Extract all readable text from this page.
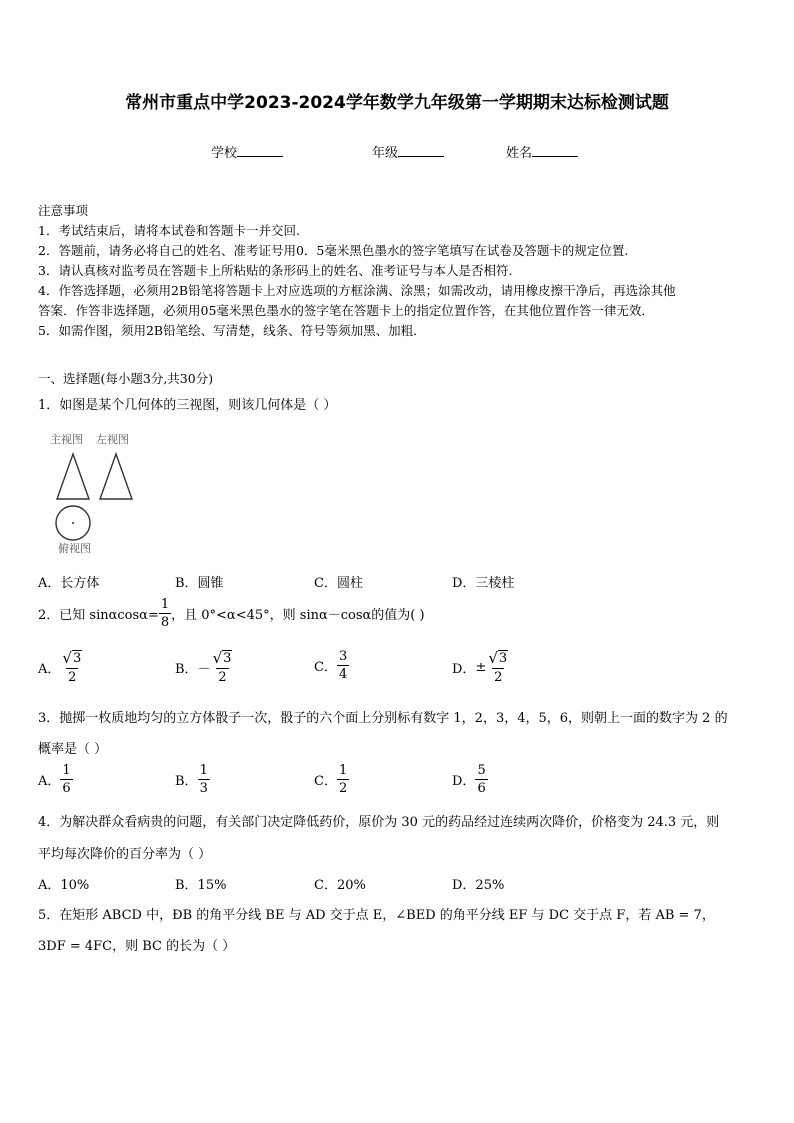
常州市重点中学2023-2024学年数学九年级第一学期期末达标检测试题
学校	年级	姓名
注意事项
1．考试结束后，请将本试卷和答题卡一并交回.
2．答题前，请务必将自己的姓名、准考证号用0．5毫米黑色墨水的签字笔填写在试卷及答题卡的规定位置.
3．请认真核对监考员在答题卡上所粘贴的条形码上的姓名、准考证号与本人是否相符.
4．作答选择题，必须用2B铅笔将答题卡上对应选项的方框涂满、涂黑；如需改动，请用橡皮擦干净后，再选涂其他
答案．作答非选择题，必须用05毫米黑色墨水的签字笔在答题卡上的指定位置作答，在其他位置作答一律无效．
5．如需作图，须用2B铅笔绘、写清楚，线条、符号等须加黑、加粗．
一、选择题(每小题3分,共30分)
1．如图是某个几何体的三视图，则该几何体是（ ）
主视图 左视图
俯视图
A．长方体	B．圆锥	C．圆柱	D．三棱柱
2．已知 $\sin\alpha\cos\alpha= \frac{1}{8}$ ，且 0°<α<45°，则 sinα－cosα的值为( )
A． $\frac{√ 3}{2}$	B． － $\frac{√ 3}{2}$	C． $\frac{3}{4}$	D． ± $\frac{√ 3}{2}$
3．抛掷一枚质地均匀的立方体骰子一次，骰子的六个面上分别标有数字 1，2，3，4，5，6，则朝上一面的数字为 2 的
概率是（ ）
A． $\frac{1}{6}$	B． $\frac{1}{3}$	C． $\frac{1}{2}$	D． $\frac{5}{6}$
4．为解决群众看病贵的问题，有关部门决定降低药价，原价为 30 元的药品经过连续两次降价，价格变为 24.3 元，则
平均每次降价的百分率为（ ）
A．10%	B．15%	C．20%	D．25%
5．在矩形 ABCD 中，ÐB 的角平分线 BE 与 AD 交于点 E，∠BED 的角平分线 EF 与 DC 交于点 F，若 AB = 7，
3DF = 4FC，则 BC 的长为（ ）
